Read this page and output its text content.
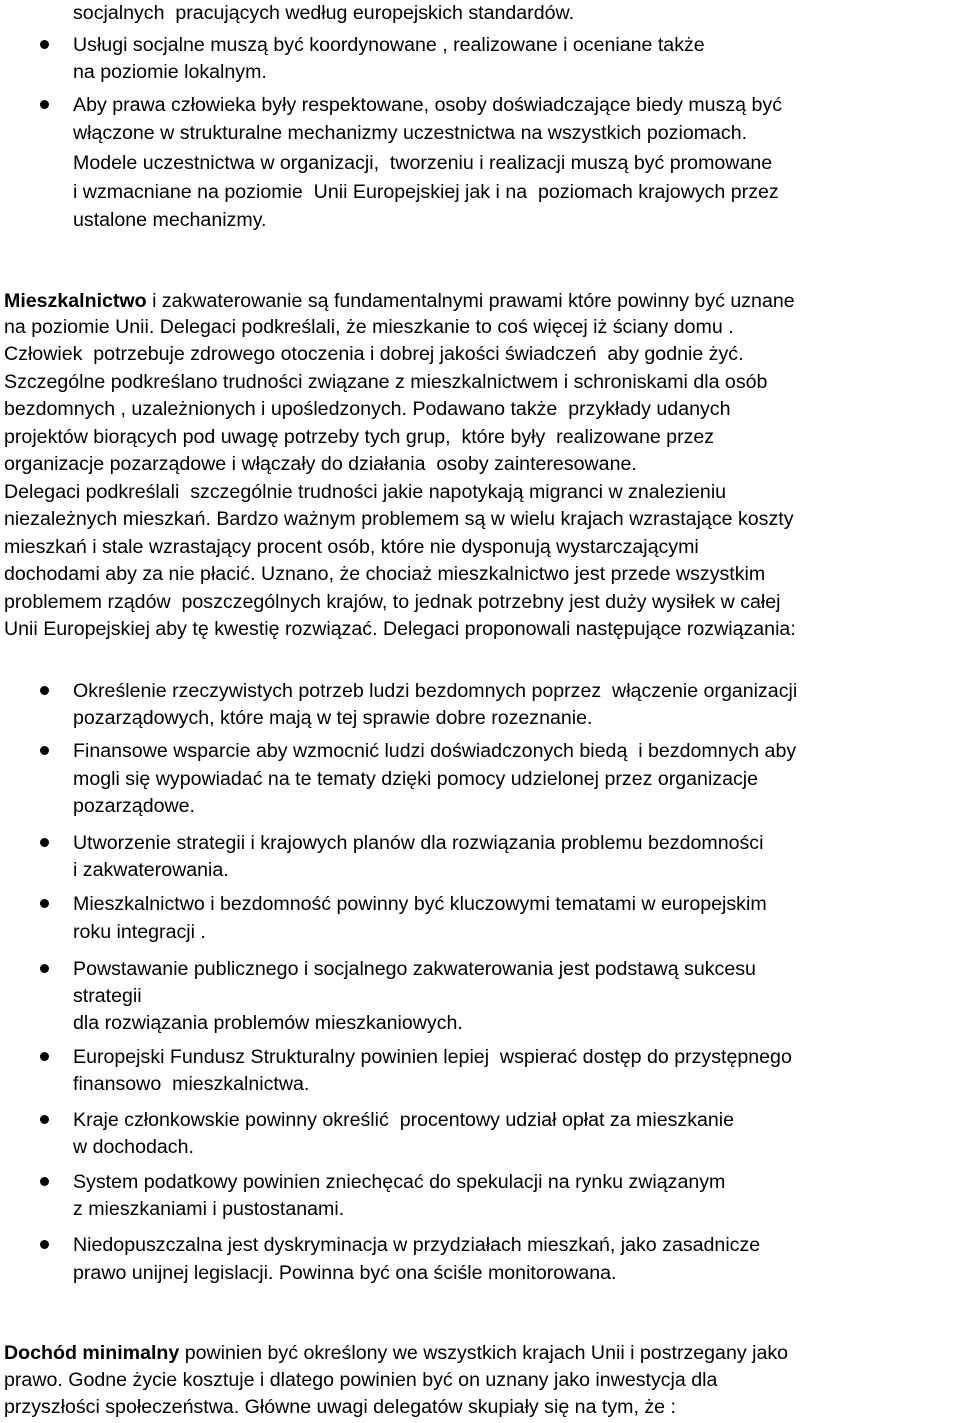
socjalnych  pracujących według europejskich standardów.
Usługi socjalne muszą być koordynowane , realizowane i oceniane także
na poziomie lokalnym.
Aby prawa człowieka były respektowane, osoby doświadczające biedy muszą być
włączone w strukturalne mechanizmy uczestnictwa na wszystkich poziomach.
Modele uczestnictwa w organizacji,  tworzeniu i realizacji muszą być promowane
i wzmacniane na poziomie  Unii Europejskiej jak i na  poziomach krajowych przez
ustalone mechanizmy.
Mieszkalnictwo i zakwaterowanie są fundamentalnymi prawami które powinny być uznane
na poziomie Unii. Delegaci podkreślali, że mieszkanie to coś więcej iż ściany domu .
Człowiek  potrzebuje zdrowego otoczenia i dobrej jakości świadczeń  aby godnie żyć.
Szczególne podkreślano trudności związane z mieszkalnictwem i schroniskami dla osób
bezdomnych , uzależnionych i upośledzonych. Podawano także  przykłady udanych
projektów biorących pod uwagę potrzeby tych grup,  które były  realizowane przez
organizacje pozarządowe i włączały do działania  osoby zainteresowane.
Delegaci podkreślali  szczególnie trudności jakie napotykają migranci w znalezieniu
niezależnych mieszkań. Bardzo ważnym problemem są w wielu krajach wzrastające koszty
mieszkań i stale wzrastający procent osób, które nie dysponują wystarczającymi
dochodami aby za nie płacić. Uznano, że chociaż mieszkalnictwo jest przede wszystkim
problemem rządów  poszczególnych krajów, to jednak potrzebny jest duży wysiłek w całej
Unii Europejskiej aby tę kwestię rozwiązać. Delegaci proponowali następujące rozwiązania:
Określenie rzeczywistych potrzeb ludzi bezdomnych poprzez  włączenie organizacji
pozarządowych, które mają w tej sprawie dobre rozeznanie.
Finansowe wsparcie aby wzmocnić ludzi doświadczonych biedą  i bezdomnych aby
mogli się wypowiadać na te tematy dzięki pomocy udzielonej przez organizacje
pozarządowe.
Utworzenie strategii i krajowych planów dla rozwiązania problemu bezdomności
i zakwaterowania.
Mieszkalnictwo i bezdomność powinny być kluczowymi tematami w europejskim
roku integracji .
Powstawanie publicznego i socjalnego zakwaterowania jest podstawą sukcesu
strategii
dla rozwiązania problemów mieszkaniowych.
Europejski Fundusz Strukturalny powinien lepiej  wspierać dostęp do przystępnego
finansowo  mieszkalnictwa.
Kraje członkowskie powinny określić  procentowy udział opłat za mieszkanie
w dochodach.
System podatkowy powinien zniechęcać do spekulacji na rynku związanym
z mieszkaniami i pustostanami.
Niedopuszczalna jest dyskryminacja w przydziałach mieszkań, jako zasadnicze
prawo unijnej legislacji. Powinna być ona ściśle monitorowana.
Dochód minimalny powinien być określony we wszystkich krajach Unii i postrzegany jako
prawo. Godne życie kosztuje i dlatego powinien być on uznany jako inwestycja dla
przyszłości społeczeństwa. Główne uwagi delegatów skupiały się na tym, że :
